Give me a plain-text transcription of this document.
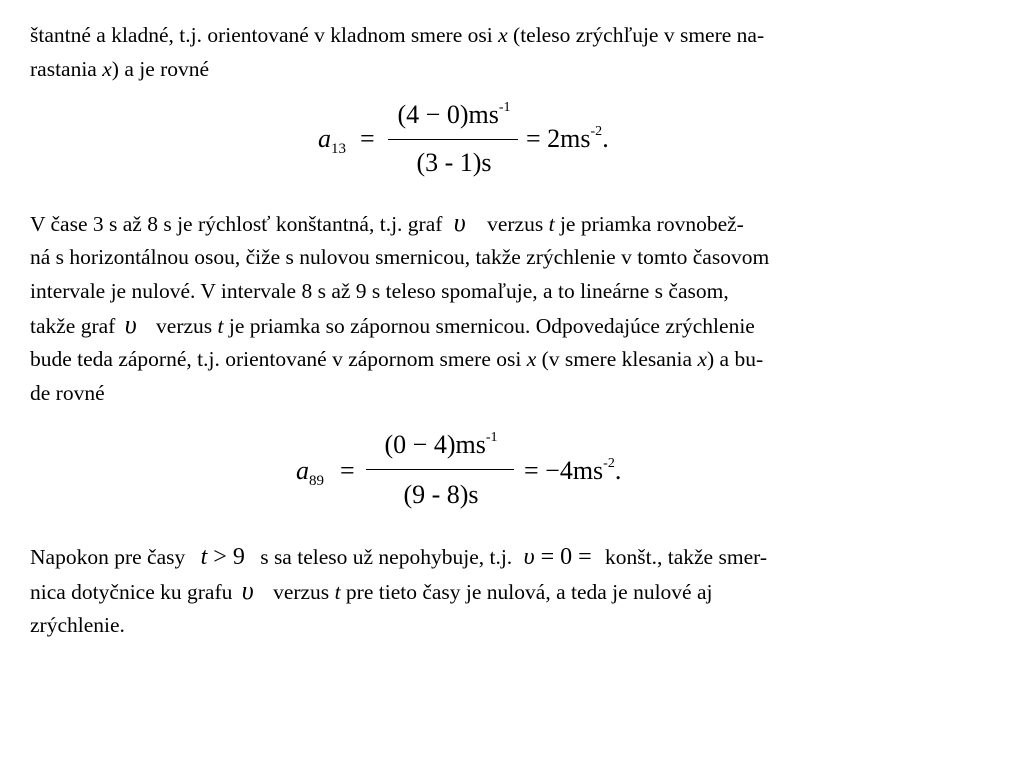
štantné a kladné, t.j. orientované v kladnom smere osi x (teleso zrýchľuje v smere na-
rastania x) a je rovné
$a_{13}$ =
$(4 - 0)ms^{-1}$
(3 - 1)s
= $2ms^{-2}$.
V čase 3 s až 8 s je rýchlosť konštantná, t.j. graf υ verzus t je priamka rovnobež-
ná s horizontálnou osou, čiže s nulovou smernicou, takže zrýchlenie v tomto časovom
intervale je nulové. V intervale 8 s až 9 s teleso spomaľuje, a to lineárne s časom,
takže graf υ verzus t je priamka so zápornou smernicou. Odpovedajúce zrýchlenie
bude teda záporné, t.j. orientované v zápornom smere osi x (v smere klesania x) a bu-
de rovné
$a_{89}$ =
$(0 - 4)ms^{-1}$
(9 - 8)s
= $-4ms^{-2}$.
Napokon pre časy t > 9 s sa teleso už nepohybuje, t.j. υ = 0 = konšt., takže smer-
nica dotyčnice ku grafu υ verzus t pre tieto časy je nulová, a teda je nulové aj
zrýchlenie.
